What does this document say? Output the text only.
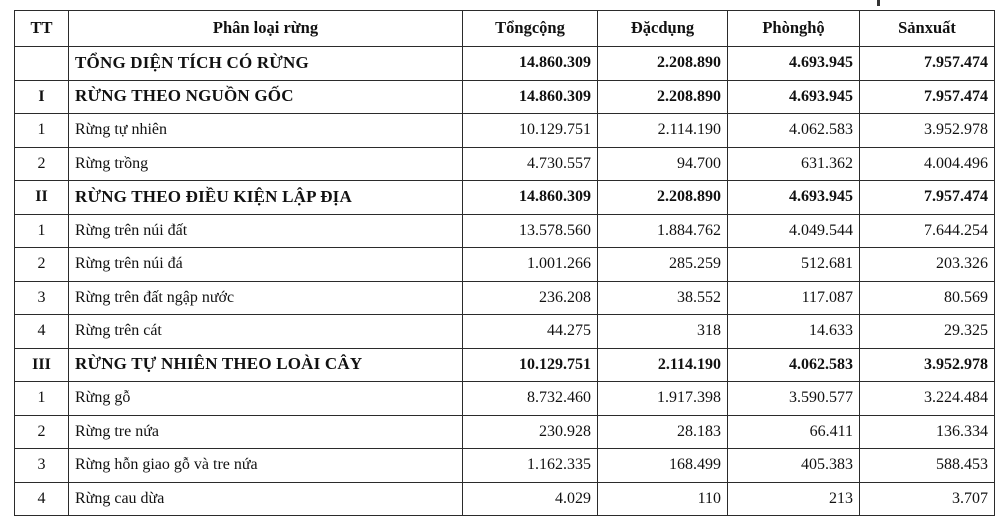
TT	Phân loại rừng	Tổngcộng	Đặcdụng	Phònghộ	Sảnxuất
	TỔNG DIỆN TÍCH CÓ RỪNG	14.860.309	2.208.890	4.693.945	7.957.474
I	RỪNG THEO NGUỒN GỐC	14.860.309	2.208.890	4.693.945	7.957.474
1	Rừng tự nhiên	10.129.751	2.114.190	4.062.583	3.952.978
2	Rừng trồng	4.730.557	94.700	631.362	4.004.496
II	RỪNG THEO ĐIỀU KIỆN LẬP ĐỊA	14.860.309	2.208.890	4.693.945	7.957.474
1	Rừng trên núi đất	13.578.560	1.884.762	4.049.544	7.644.254
2	Rừng trên núi đá	1.001.266	285.259	512.681	203.326
3	Rừng trên đất ngập nước	236.208	38.552	117.087	80.569
4	Rừng trên cát	44.275	318	14.633	29.325
III	RỪNG TỰ NHIÊN THEO LOÀI CÂY	10.129.751	2.114.190	4.062.583	3.952.978
1	Rừng gỗ	8.732.460	1.917.398	3.590.577	3.224.484
2	Rừng tre nứa	230.928	28.183	66.411	136.334
3	Rừng hỗn giao gỗ và tre nứa	1.162.335	168.499	405.383	588.453
4	Rừng cau dừa	4.029	110	213	3.707
